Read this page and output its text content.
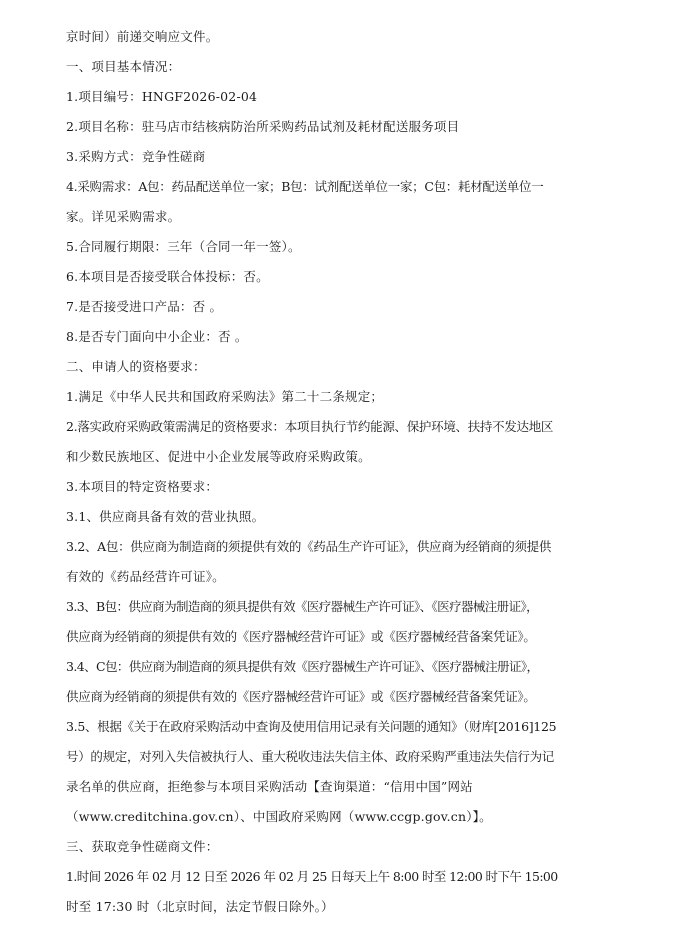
京时间）前递交响应文件。
一、项目基本情况：
1.项目编号：HNGF2026-02-04
2.项目名称：驻马店市结核病防治所采购药品试剂及耗材配送服务项目
3.采购方式：竞争性磋商
4.采购需求：A包：药品配送单位一家；B包：试剂配送单位一家；C包：耗材配送单位一
家。详见采购需求。
5.合同履行期限：三年（合同一年一签）。
6.本项目是否接受联合体投标：否。
7.是否接受进口产品：否 。
8.是否专门面向中小企业：否 。
二、申请人的资格要求：
1.满足《中华人民共和国政府采购法》第二十二条规定；
2.落实政府采购政策需满足的资格要求：本项目执行节约能源、保护环境、扶持不发达地区
和少数民族地区、促进中小企业发展等政府采购政策。
3.本项目的特定资格要求：
3.1、供应商具备有效的营业执照。
3.2、A包：供应商为制造商的须提供有效的《药品生产许可证》，供应商为经销商的须提供
有效的《药品经营许可证》。
3.3、B包：供应商为制造商的须具提供有效《医疗器械生产许可证》、《医疗器械注册证》，
供应商为经销商的须提供有效的《医疗器械经营许可证》或《医疗器械经营备案凭证》。
3.4、C包：供应商为制造商的须具提供有效《医疗器械生产许可证》、《医疗器械注册证》，
供应商为经销商的须提供有效的《医疗器械经营许可证》或《医疗器械经营备案凭证》。
3.5、根据《关于在政府采购活动中查询及使用信用记录有关问题的通知》（财库[2016]125
号）的规定，对列入失信被执行人、重大税收违法失信主体、政府采购严重违法失信行为记
录名单的供应商，拒绝参与本项目采购活动【查询渠道：“信用中国”网站
（www.creditchina.gov.cn）、中国政府采购网（www.ccgp.gov.cn）】。
三、获取竞争性磋商文件：
1.时间 2026 年 02 月 12 日至 2026 年 02 月 25 日每天上午 8:00 时至 12:00 时下午 15:00
时至 17:30 时（北京时间，法定节假日除外。）
